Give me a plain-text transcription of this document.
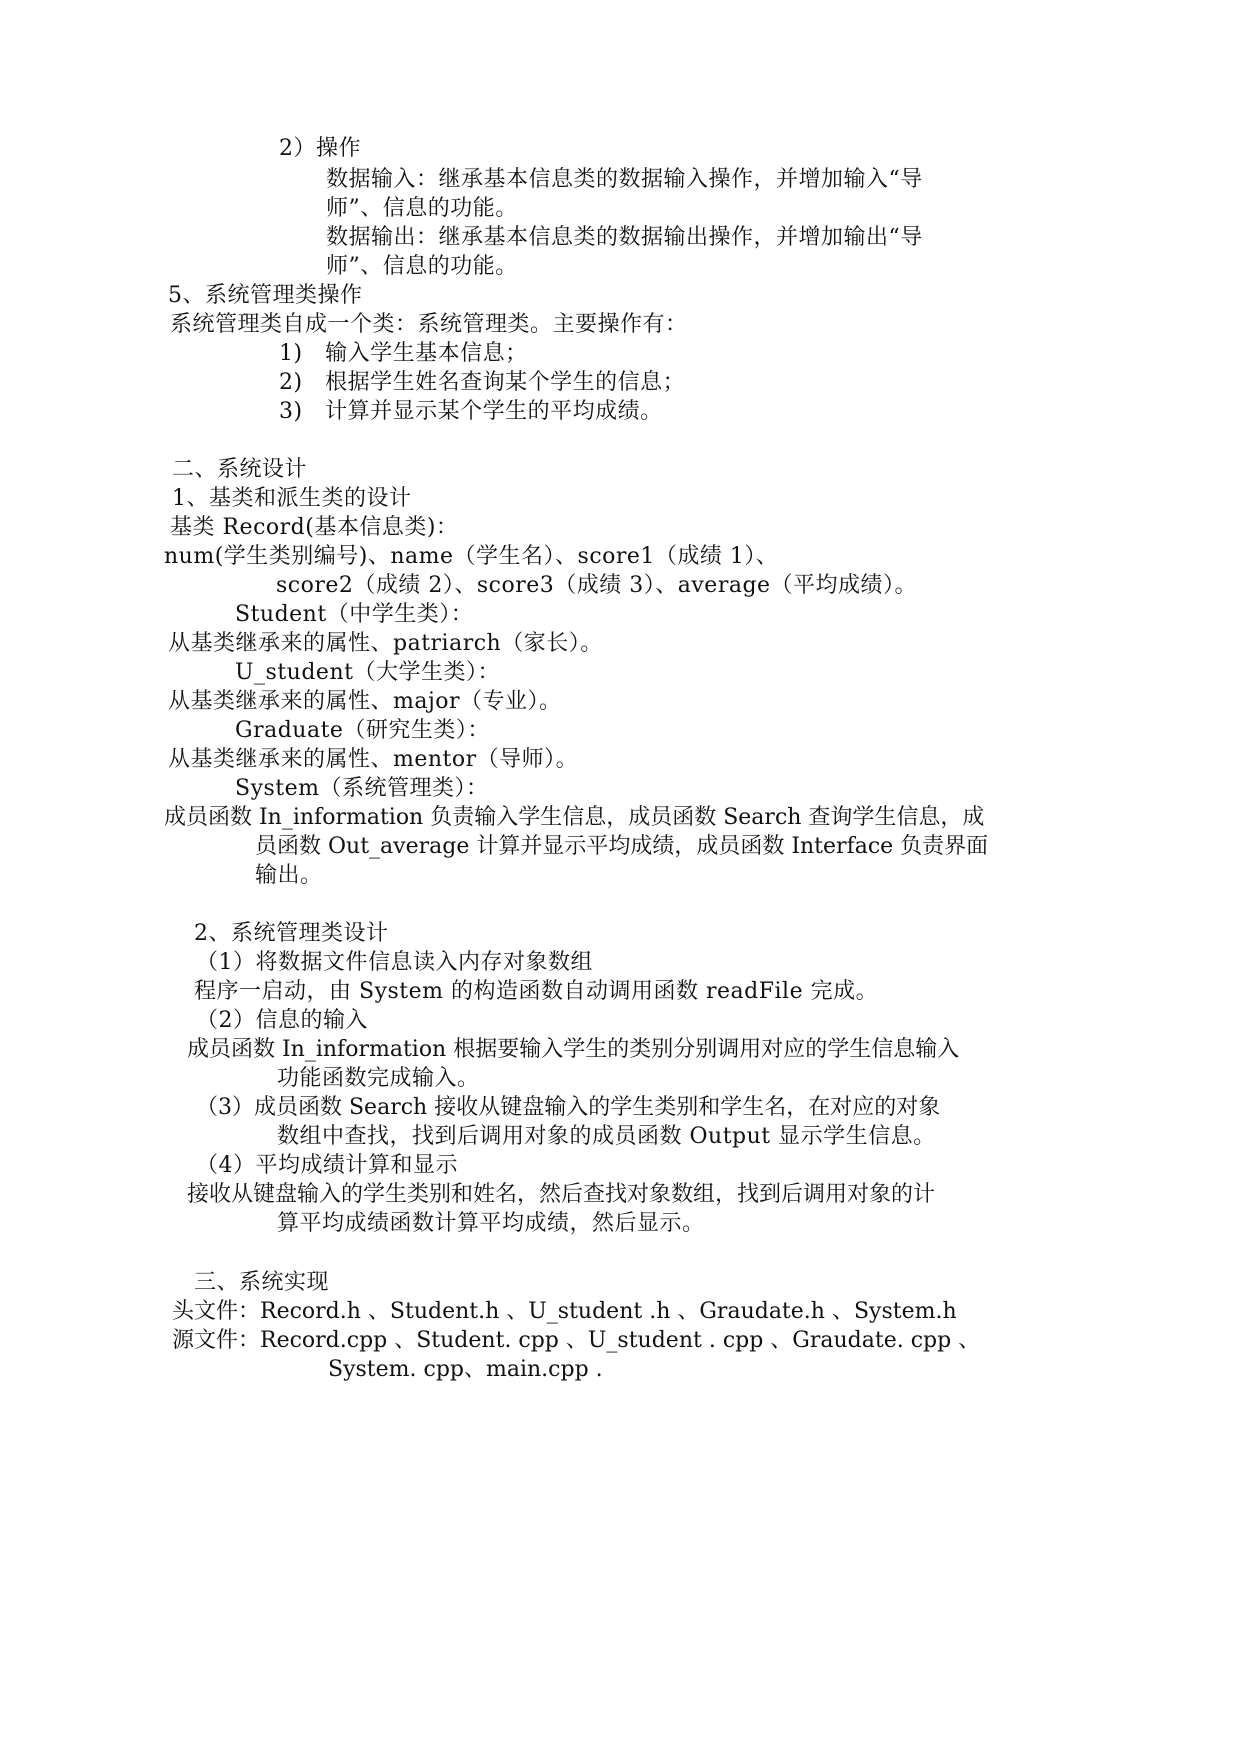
2）操作
数据输入：继承基本信息类的数据输入操作，并增加输入“导
师”、信息的功能。
数据输出：继承基本信息类的数据输出操作，并增加输出“导
师”、信息的功能。
5、系统管理类操作
系统管理类自成一个类：系统管理类。主要操作有：
1)　输入学生基本信息；
2)　根据学生姓名查询某个学生的信息；
3)　计算并显示某个学生的平均成绩。
二、系统设计
1、基类和派生类的设计
基类 Record(基本信息类)：
num(学生类别编号)、name（学生名）、score1（成绩 1）、
score2（成绩 2）、score3（成绩 3）、average（平均成绩）。
Student（中学生类）：
从基类继承来的属性、patriarch（家长）。
U_student（大学生类）：
从基类继承来的属性、major（专业）。
Graduate（研究生类）：
从基类继承来的属性、mentor（导师）。
System（系统管理类）：
成员函数 In_information 负责输入学生信息，成员函数 Search 查询学生信息，成
员函数 Out_average 计算并显示平均成绩，成员函数 Interface 负责界面
输出。
2、系统管理类设计
（1）将数据文件信息读入内存对象数组
程序一启动，由 System 的构造函数自动调用函数 readFile 完成。
（2）信息的输入
成员函数 In_information 根据要输入学生的类别分别调用对应的学生信息输入
功能函数完成输入。
（3）成员函数 Search 接收从键盘输入的学生类别和学生名，在对应的对象
数组中查找，找到后调用对象的成员函数 Output 显示学生信息。
（4）平均成绩计算和显示
接收从键盘输入的学生类别和姓名，然后查找对象数组，找到后调用对象的计
算平均成绩函数计算平均成绩，然后显示。
三、系统实现
头文件：Record.h 、Student.h 、U_student .h 、Graudate.h 、System.h
源文件：Record.cpp 、Student. cpp 、U_student . cpp 、Graudate. cpp 、
System. cpp、main.cpp .
